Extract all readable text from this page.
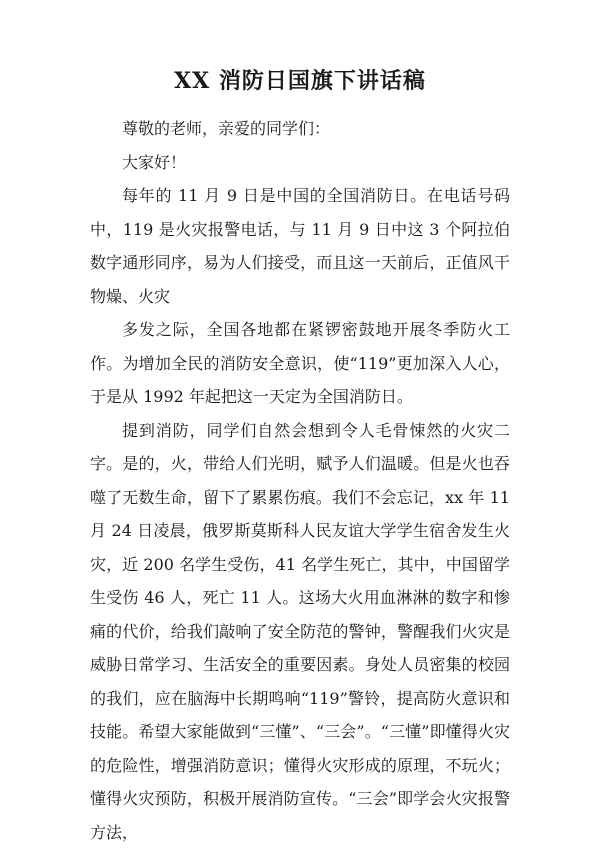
XX 消防日国旗下讲话稿

尊敬的老师，亲爱的同学们：

大家好！

每年的 11 月 9 日是中国的全国消防日。在电话号码中，119 是火灾报警电话，与 11 月 9 日中这 3 个阿拉伯数字通形同序，易为人们接受，而且这一天前后，正值风干物燥、火灾

多发之际，全国各地都在紧锣密鼓地开展冬季防火工作。为增加全民的消防安全意识，使“119”更加深入人心，于是从 1992 年起把这一天定为全国消防日。

提到消防，同学们自然会想到令人毛骨悚然的火灾二字。是的，火，带给人们光明，赋予人们温暖。但是火也吞噬了无数生命，留下了累累伤痕。我们不会忘记，xx 年 11 月 24 日凌晨，俄罗斯莫斯科人民友谊大学学生宿舍发生火灾，近 200 名学生受伤，41 名学生死亡，其中，中国留学生受伤 46 人，死亡 11 人。这场大火用血淋淋的数字和惨痛的代价，给我们敲响了安全防范的警钟，警醒我们火灾是威胁日常学习、生活安全的重要因素。身处人员密集的校园的我们，应在脑海中长期鸣响“119”警铃，提高防火意识和技能。希望大家能做到“三懂”、“三会”。“三懂”即懂得火灾的危险性，增强消防意识；懂得火灾形成的原理，不玩火；懂得火灾预防，积极开展消防宣传。“三会”即学会火灾报警方法，
